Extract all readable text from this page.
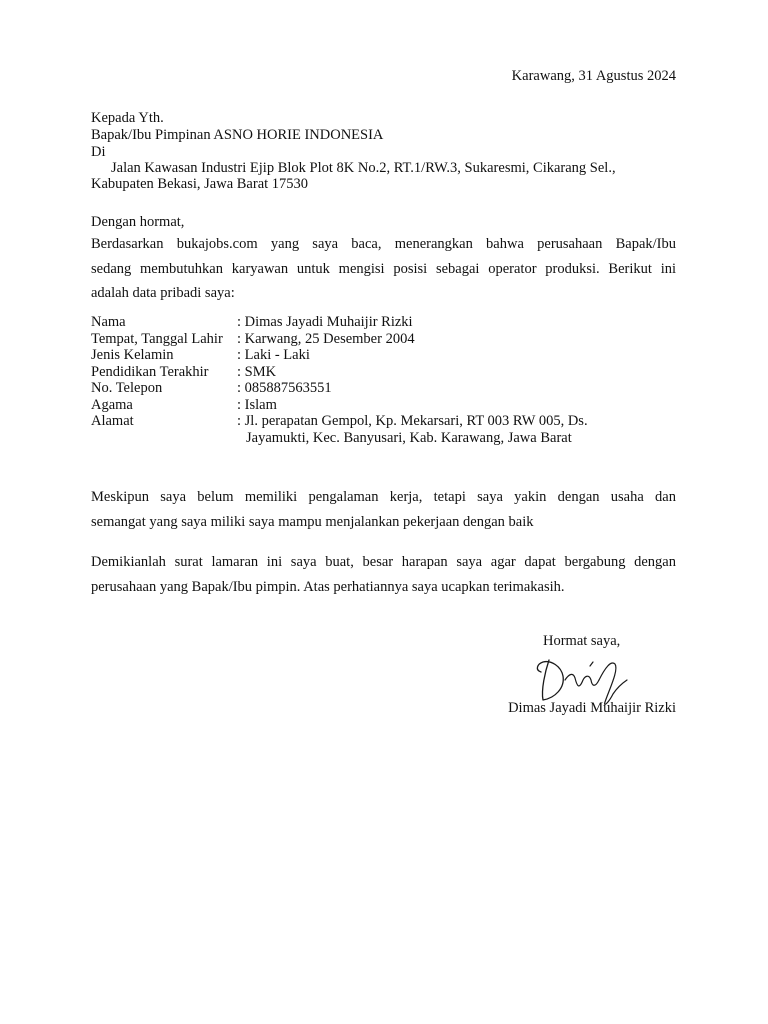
Karawang, 31 Agustus 2024
Kepada Yth.
Bapak/Ibu Pimpinan ASNO HORIE INDONESIA
Di
Jalan Kawasan Industri Ejip Blok Plot 8K No.2, RT.1/RW.3, Sukaresmi, Cikarang Sel.,
Kabupaten Bekasi, Jawa Barat 17530
Dengan hormat,
Berdasarkan bukajobs.com yang saya baca, menerangkan bahwa perusahaan Bapak/Ibu
sedang membutuhkan karyawan untuk mengisi posisi sebagai operator produksi. Berikut ini
adalah data pribadi saya:
Nama	: Dimas Jayadi Muhaijir Rizki
Tempat, Tanggal Lahir : Karwang, 25 Desember 2004
Jenis Kelamin	: Laki - Laki
Pendidikan Terakhir : SMK
No. Telepon	: 085887563551
Agama	: Islam
Alamat	: Jl. perapatan Gempol, Kp. Mekarsari, RT 003 RW 005, Ds.
Jayamukti, Kec. Banyusari, Kab. Karawang, Jawa Barat
Meskipun saya belum memiliki pengalaman kerja, tetapi saya yakin dengan usaha dan
semangat yang saya miliki saya mampu menjalankan pekerjaan dengan baik
Demikianlah surat lamaran ini saya buat, besar harapan saya agar dapat bergabung dengan
perusahaan yang Bapak/Ibu pimpin. Atas perhatiannya saya ucapkan terimakasih.
Hormat saya,
Dimas Jayadi Muhaijir Rizki
